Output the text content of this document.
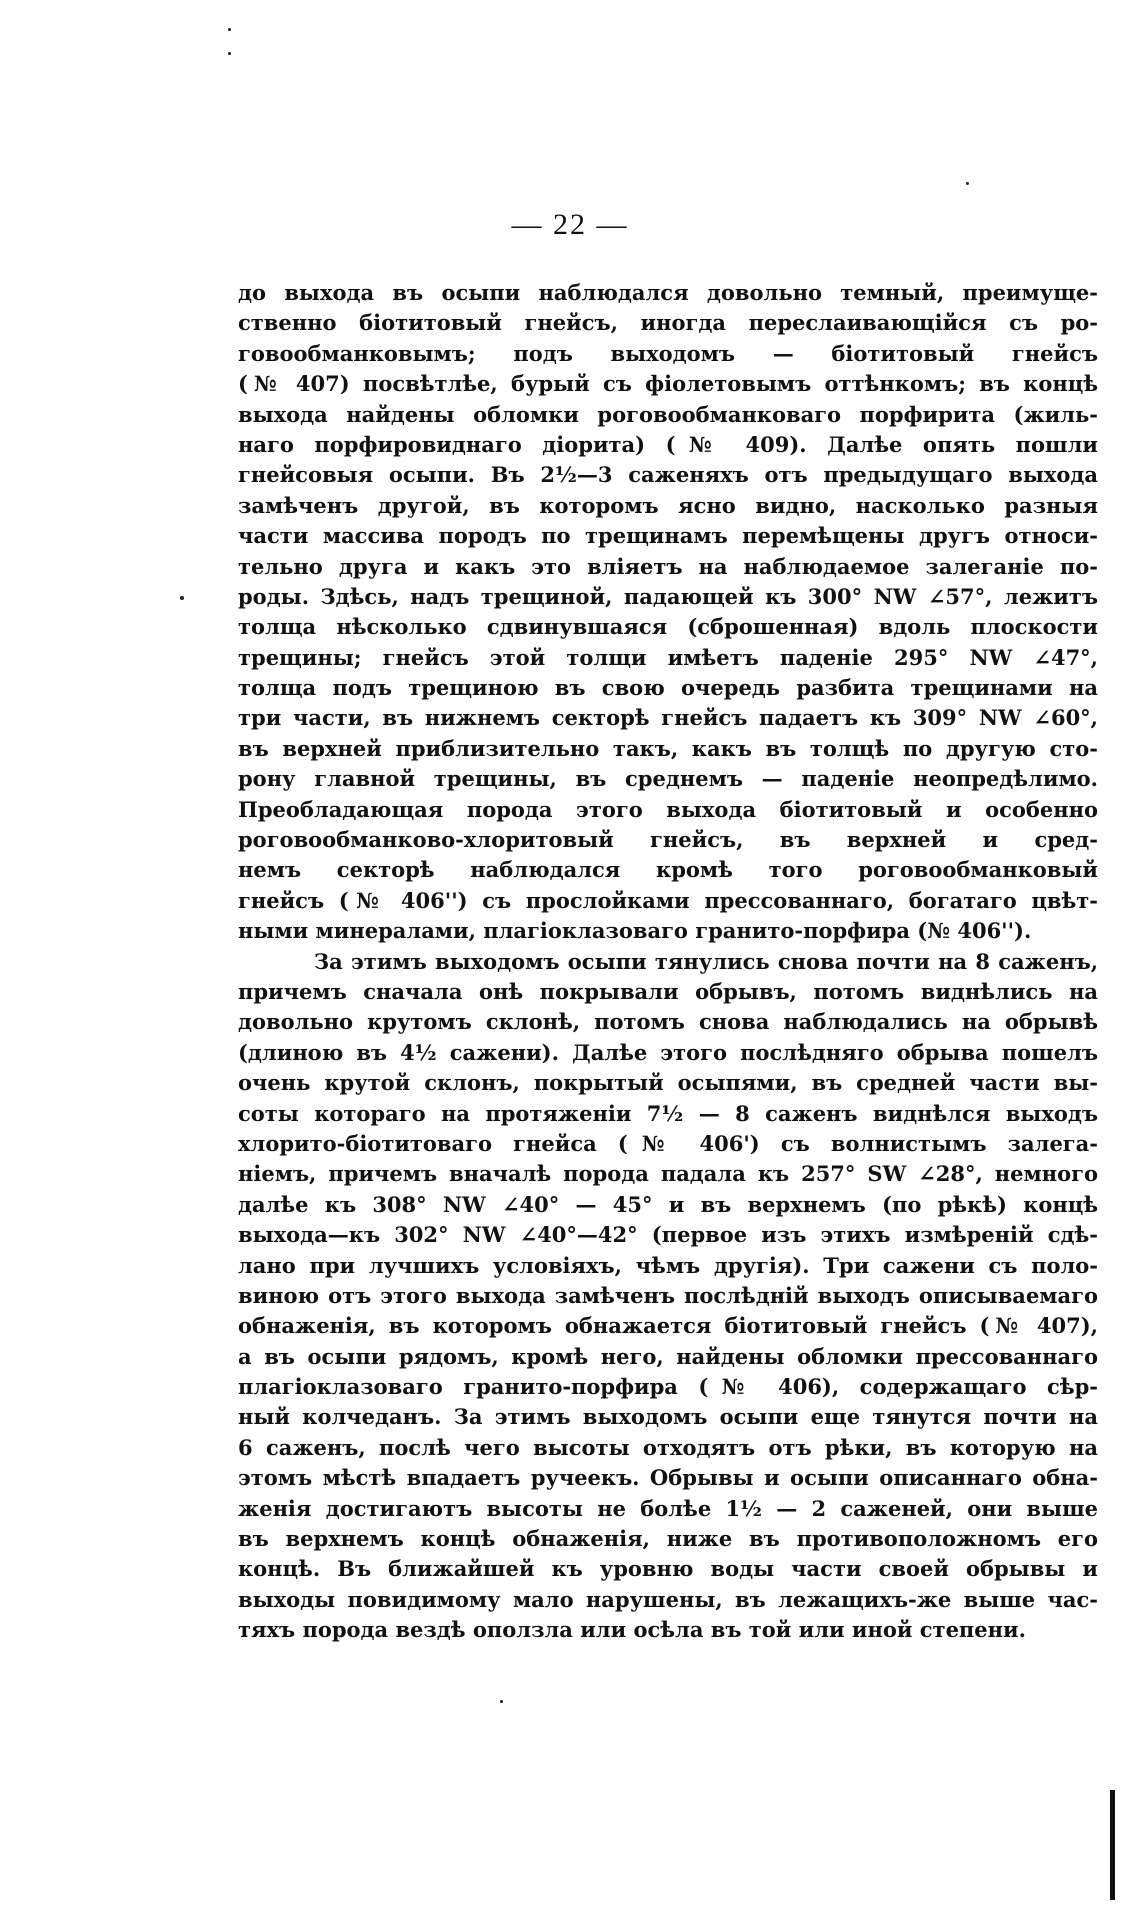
— 22 —
до выхода въ осыпи наблюдался довольно темный, преимуще-
ственно біотитовый гнейсъ, иногда переслаивающійся съ ро-
говообманковымъ; подъ выходомъ — біотитовый гнейсъ
(№ 407) посвѣтлѣе, бурый съ фіолетовымъ оттѣнкомъ; въ концѣ
выхода найдены обломки роговообманковаго порфирита (жиль-
наго порфировиднаго діорита) (№ 409). Далѣе опять пошли
гнейсовыя осыпи. Въ 2½—3 саженяхъ отъ предыдущаго выхода
замѣченъ другой, въ которомъ ясно видно, насколько разныя
части массива породъ по трещинамъ перемѣщены другъ относи-
тельно друга и какъ это вліяетъ на наблюдаемое залеганіе по-
роды. Здѣсь, надъ трещиной, падающей къ 300° NW ∠57°, лежитъ
толща нѣсколько сдвинувшаяся (сброшенная) вдоль плоскости
трещины; гнейсъ этой толщи имѣетъ паденіе 295° NW ∠47°,
толща подъ трещиною въ свою очередь разбита трещинами на
три части, въ нижнемъ секторѣ гнейсъ падаетъ къ 309° NW ∠60°,
въ верхней приблизительно такъ, какъ въ толщѣ по другую сто-
рону главной трещины, въ среднемъ — паденіе неопредѣлимо.
Преобладающая порода этого выхода біотитовый и особенно
роговообманково-хлоритовый гнейсъ, въ верхней и сред-
немъ секторѣ наблюдался кромѣ того роговообманковый
гнейсъ (№ 406'') съ прослойками прессованнаго, богатаго цвѣт-
ными минералами, плагіоклазоваго гранито-порфира (№ 406'').
За этимъ выходомъ осыпи тянулись снова почти на 8 саженъ,
причемъ сначала онѣ покрывали обрывъ, потомъ виднѣлись на
довольно крутомъ склонѣ, потомъ снова наблюдались на обрывѣ
(длиною въ 4½ сажени). Далѣе этого послѣдняго обрыва пошелъ
очень крутой склонъ, покрытый осыпями, въ средней части вы-
соты котораго на протяженіи 7½ — 8 саженъ виднѣлся выходъ
хлорито-біотитоваго гнейса (№ 406') съ волнистымъ залега-
ніемъ, причемъ вначалѣ порода падала къ 257° SW ∠28°, немного
далѣе къ 308° NW ∠40° — 45° и въ верхнемъ (по рѣкѣ) концѣ
выхода—къ 302° NW ∠40°—42° (первое изъ этихъ измѣреній сдѣ-
лано при лучшихъ условіяхъ, чѣмъ другія). Три сажени съ поло-
виною отъ этого выхода замѣченъ послѣдній выходъ описываемаго
обнаженія, въ которомъ обнажается біотитовый гнейсъ (№ 407),
а въ осыпи рядомъ, кромѣ него, найдены обломки прессованнаго
плагіоклазоваго гранито-порфира (№ 406), содержащаго сѣр-
ный колчеданъ. За этимъ выходомъ осыпи еще тянутся почти на
6 саженъ, послѣ чего высоты отходятъ отъ рѣки, въ которую на
этомъ мѣстѣ впадаетъ ручеекъ. Обрывы и осыпи описаннаго обна-
женія достигаютъ высоты не болѣе 1½ — 2 саженей, они выше
въ верхнемъ концѣ обнаженія, ниже въ противоположномъ его
концѣ. Въ ближайшей къ уровню воды части своей обрывы и
выходы повидимому мало нарушены, въ лежащихъ-же выше час-
тяхъ порода вездѣ оползла или осѣла въ той или иной степени.
